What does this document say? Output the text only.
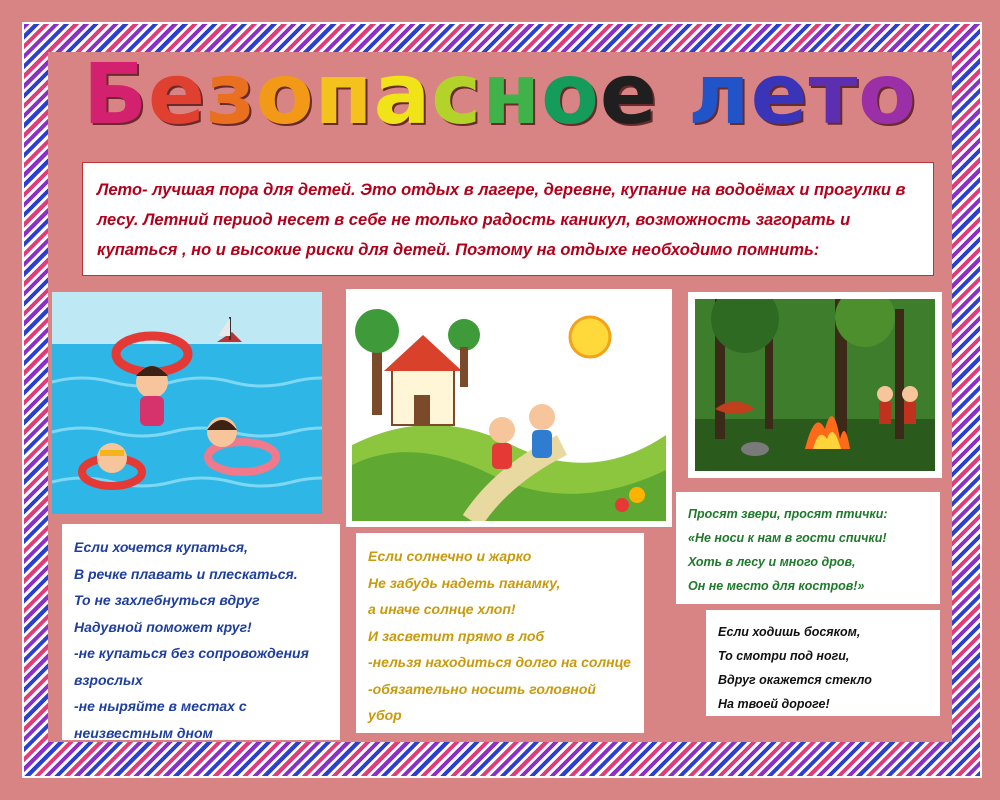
Безопасное лето
Лето- лучшая пора для детей. Это отдых в лагере, деревне, купание на водоёмах и прогулки в лесу. Летний период несет в себе не только радость каникул, возможность загорать и купаться , но и высокие риски для детей. Поэтому на отдыхе необходимо помнить:
Если хочется купаться,
В речке плавать и плескаться.
То не захлебнуться вдруг
Надувной поможет круг!
-не купаться без сопровождения
взрослых
-не ныряйте в местах с
неизвестным дном
Если солнечно и жарко
Не забудь надеть панамку,
а иначе солнце хлоп!
И засветит прямо в лоб
-нельзя находиться долго на солнце
-обязательно носить головной
убор
Просят звери, просят птички:
«Не носи к нам в гости спички!
Хоть в лесу и много дров,
Он не место для костров!»
Если ходишь босяком,
То смотри под ноги,
Вдруг окажется стекло
На твоей дороге!
